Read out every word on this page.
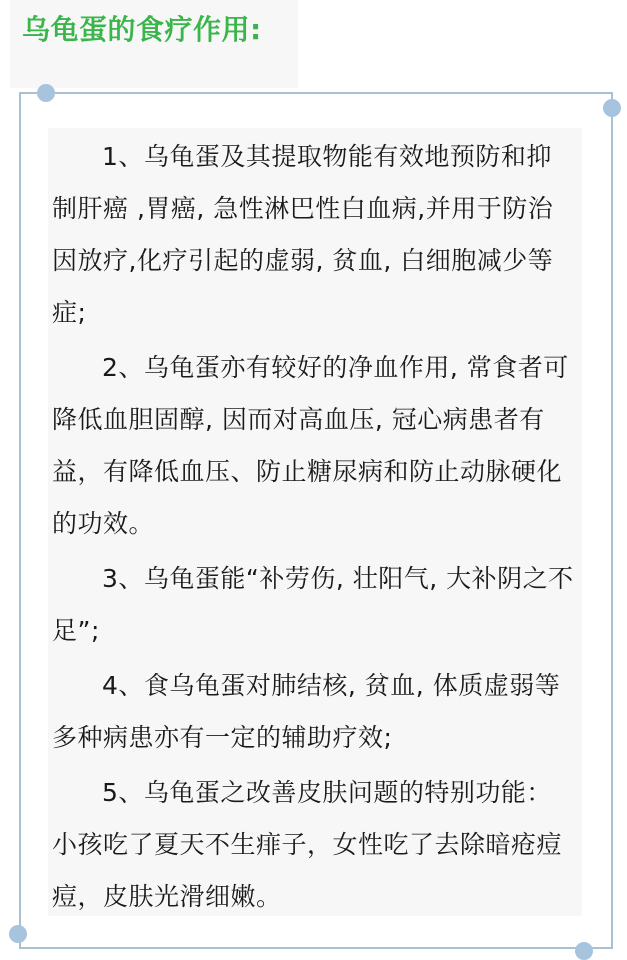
乌龟蛋的食疗作用:

1、乌龟蛋及其提取物能有效地预防和抑制肝癌 ,胃癌, 急性淋巴性白血病,并用于防治因放疗,化疗引起的虚弱, 贫血, 白细胞减少等症;

2、乌龟蛋亦有较好的净血作用, 常食者可降低血胆固醇, 因而对高血压, 冠心病患者有益，有降低血压、防止糖尿病和防止动脉硬化的功效。

3、乌龟蛋能“补劳伤, 壮阳气, 大补阴之不足”;

4、食乌龟蛋对肺结核, 贫血, 体质虚弱等多种病患亦有一定的辅助疗效;

5、乌龟蛋之改善皮肤问题的特别功能：小孩吃了夏天不生痱子，女性吃了去除暗疮痘痘，皮肤光滑细嫩。
